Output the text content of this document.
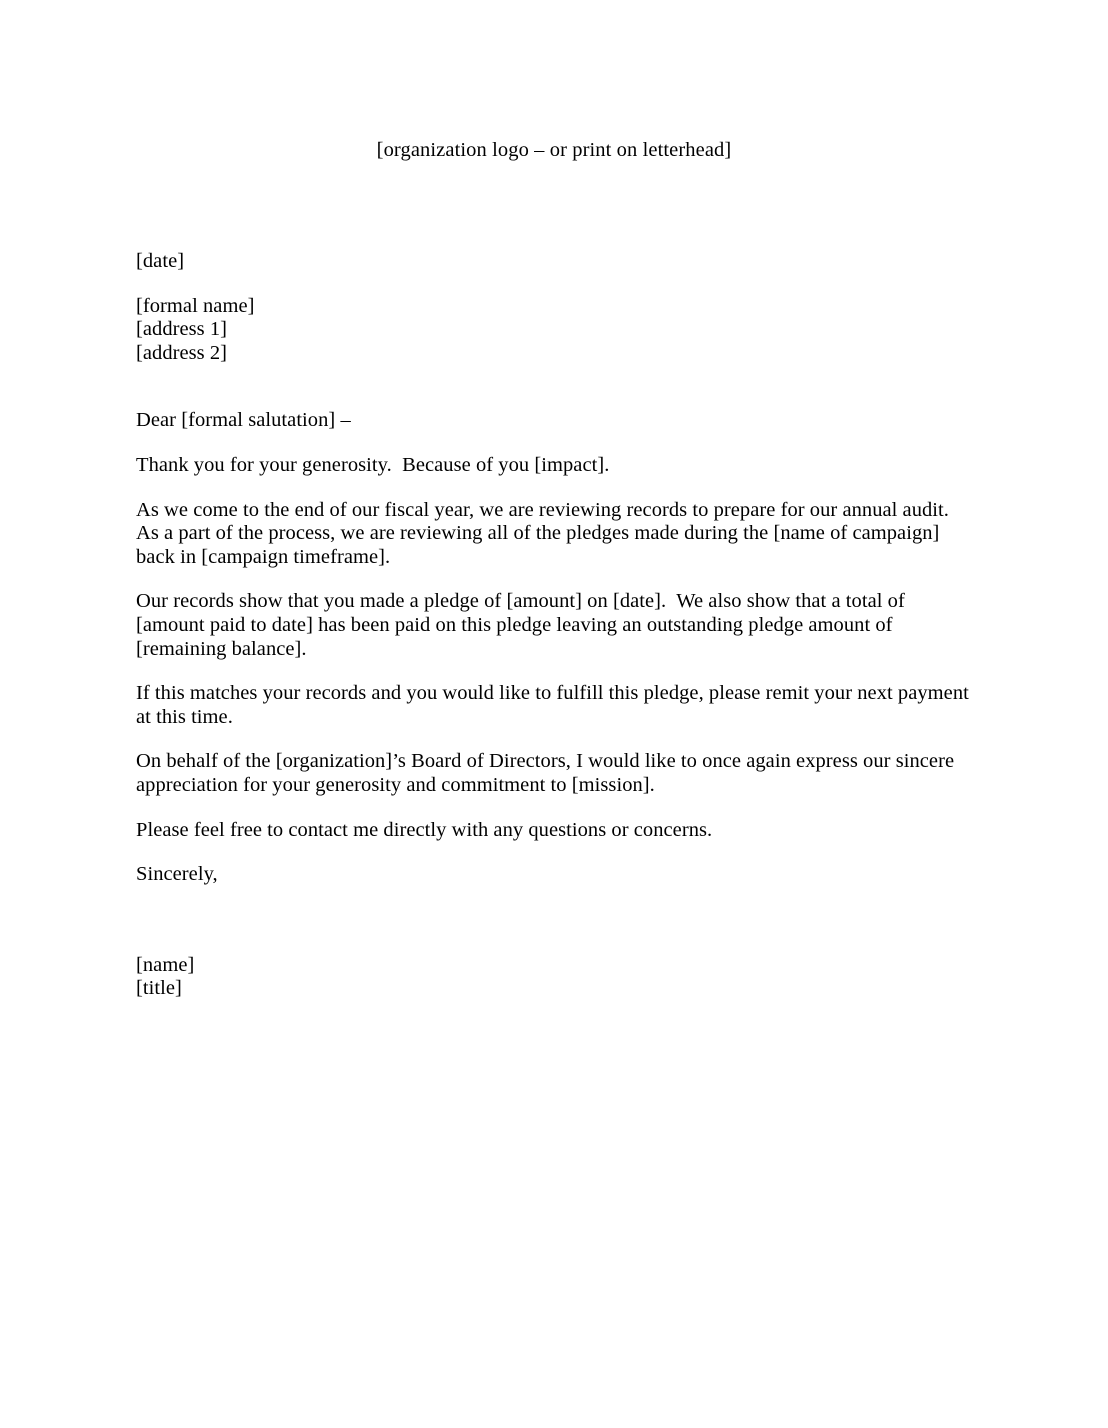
[organization logo – or print on letterhead]
[date]
[formal name]
[address 1]
[address 2]
Dear [formal salutation] –

Thank you for your generosity.  Because of you [impact].

As we come to the end of our fiscal year, we are reviewing records to prepare for our annual audit.  As a part of the process, we are reviewing all of the pledges made during the [name of campaign] back in [campaign timeframe].

Our records show that you made a pledge of [amount] on [date].  We also show that a total of [amount paid to date] has been paid on this pledge leaving an outstanding pledge amount of [remaining balance].

If this matches your records and you would like to fulfill this pledge, please remit your next payment at this time.

On behalf of the [organization]’s Board of Directors, I would like to once again express our sincere appreciation for your generosity and commitment to [mission].

Please feel free to contact me directly with any questions or concerns.

Sincerely,
[name]
[title]
